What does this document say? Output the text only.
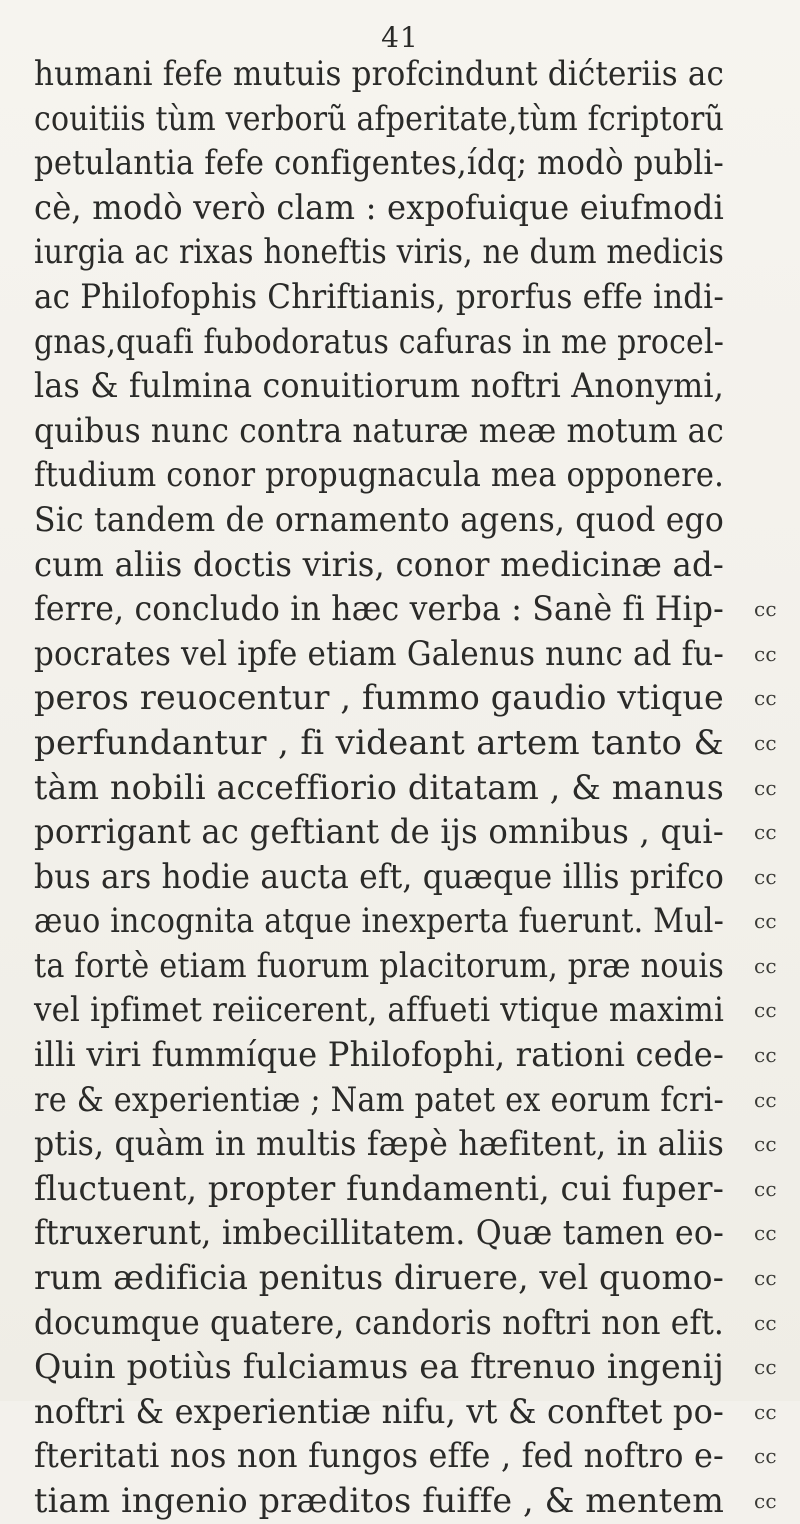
41
humani fefe mutuis profcindunt dićteriis ac
couitiis tùm verborũ afperitate,tùm fcriptorũ
petulantia fefe configentes,ídq; modò publi-
cè, modò verò clam : expofuique eiufmodi
iurgia ac rixas honeftis viris, ne dum medicis
ac Philofophis Chriftianis, prorfus effe indi-
gnas,quafi fubodoratus cafuras in me procel-
las & fulmina conuitiorum noftri Anonymi,
quibus nunc contra naturæ meæ motum ac
ftudium conor propugnacula mea opponere.
Sic tandem de ornamento agens, quod ego
cum aliis doctis viris, conor medicinæ ad-
ferre, concludo in hæc verba : Sanè fi Hip- cc
pocrates vel ipfe etiam Galenus nunc ad fu- cc
peros reuocentur , fummo gaudio vtique cc
perfundantur , fi videant artem tanto & cc
tàm nobili acceffiorio ditatam , & manus cc
porrigant ac geftiant de ijs omnibus , qui- cc
bus ars hodie aucta eft, quæque illis prifco cc
æuo incognita atque inexperta fuerunt. Mul- cc
ta fortè etiam fuorum placitorum, præ nouis cc
vel ipfimet reiicerent, affueti vtique maximi cc
illi viri fummíque Philofophi, rationi cede- cc
re & experientiæ ; Nam patet ex eorum fcri- cc
ptis, quàm in multis fæpè hæfitent, in aliis cc
fluctuent, propter fundamenti, cui fuper- cc
ftruxerunt, imbecillitatem. Quæ tamen eo- cc
rum ædificia penitus diruere, vel quomo- cc
documque quatere, candoris noftri non eft. cc
Quin potiùs fulciamus ea ftrenuo ingenij cc
noftri & experientiæ nifu, vt & conftet po- cc
fteritati nos non fungos effe , fed noftro e- cc
tiam ingenio præditos fuiffe , & mentem cc
